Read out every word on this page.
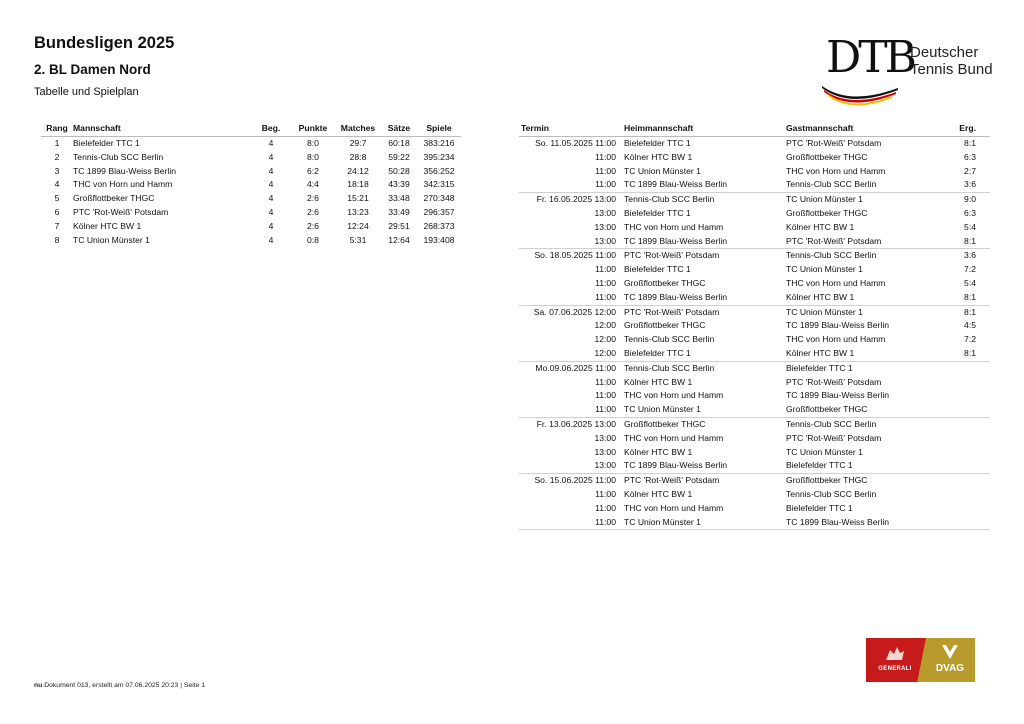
Bundesligen 2025
2. BL Damen Nord

Tabelle und Spielplan

DTB
Deutscher
Tennis Bund
Rang	Mannschaft	Beg.	Punkte	Matches	Sätze	Spiele
1	Bielefelder TTC 1	4	8:0	29:7	60:18	383:216
2	Tennis-Club SCC Berlin	4	8:0	28:8	59:22	395:234
3	TC 1899 Blau-Weiss Berlin	4	6:2	24:12	50:28	356:252
4	THC von Horn und Hamm	4	4:4	18:18	43:39	342:315
5	Großflottbeker THGC	4	2:6	15:21	33:48	270:348
6	PTC 'Rot-Weiß' Potsdam	4	2:6	13:23	33:49	296:357
7	Kölner HTC BW 1	4	2:6	12:24	29:51	268:373
8	TC Union Münster 1	4	0:8	5:31	12:64	193:408
Termin	Heimmannschaft	Gastmannschaft	Erg.
So. 11.05.2025 11:00	Bielefelder TTC 1	PTC 'Rot-Weiß' Potsdam	8:1
11:00	Kölner HTC BW 1	Großflottbeker THGC	6:3
11:00	TC Union Münster 1	THC von Horn und Hamm	2:7
11:00	TC 1899 Blau-Weiss Berlin	Tennis-Club SCC Berlin	3:6
Fr. 16.05.2025 13:00	Tennis-Club SCC Berlin	TC Union Münster 1	9:0
13:00	Bielefelder TTC 1	Großflottbeker THGC	6:3
13:00	THC von Horn und Hamm	Kölner HTC BW 1	5:4
13:00	TC 1899 Blau-Weiss Berlin	PTC 'Rot-Weiß' Potsdam	8:1
So. 18.05.2025 11:00	PTC 'Rot-Weiß' Potsdam	Tennis-Club SCC Berlin	3:6
11:00	Bielefelder TTC 1	TC Union Münster 1	7:2
11:00	Großflottbeker THGC	THC von Horn und Hamm	5:4
11:00	TC 1899 Blau-Weiss Berlin	Kölner HTC BW 1	8:1
Sa. 07.06.2025 12:00	PTC 'Rot-Weiß' Potsdam	TC Union Münster 1	8:1
12:00	Großflottbeker THGC	TC 1899 Blau-Weiss Berlin	4:5
12:00	Tennis-Club SCC Berlin	THC von Horn und Hamm	7:2
12:00	Bielefelder TTC 1	Kölner HTC BW 1	8:1
Mo.09.06.2025 11:00	Tennis-Club SCC Berlin	Bielefelder TTC 1	
11:00	Kölner HTC BW 1	PTC 'Rot-Weiß' Potsdam	
11:00	THC von Horn und Hamm	TC 1899 Blau-Weiss Berlin	
11:00	TC Union Münster 1	Großflottbeker THGC	
Fr. 13.06.2025 13:00	Großflottbeker THGC	Tennis-Club SCC Berlin	
13:00	THC von Horn und Hamm	PTC 'Rot-Weiß' Potsdam	
13:00	Kölner HTC BW 1	TC Union Münster 1	
13:00	TC 1899 Blau-Weiss Berlin	Bielefelder TTC 1	
So. 15.06.2025 11:00	PTC 'Rot-Weiß' Potsdam	Großflottbeker THGC	
11:00	Kölner HTC BW 1	Tennis-Club SCC Berlin	
11:00	THC von Horn und Hamm	Bielefelder TTC 1	
11:00	TC Union Münster 1	TC 1899 Blau-Weiss Berlin	
nu.Dokument 013, erstellt am 07.06.2025 20:23 | Seite 1
GENERALI	DVAG
